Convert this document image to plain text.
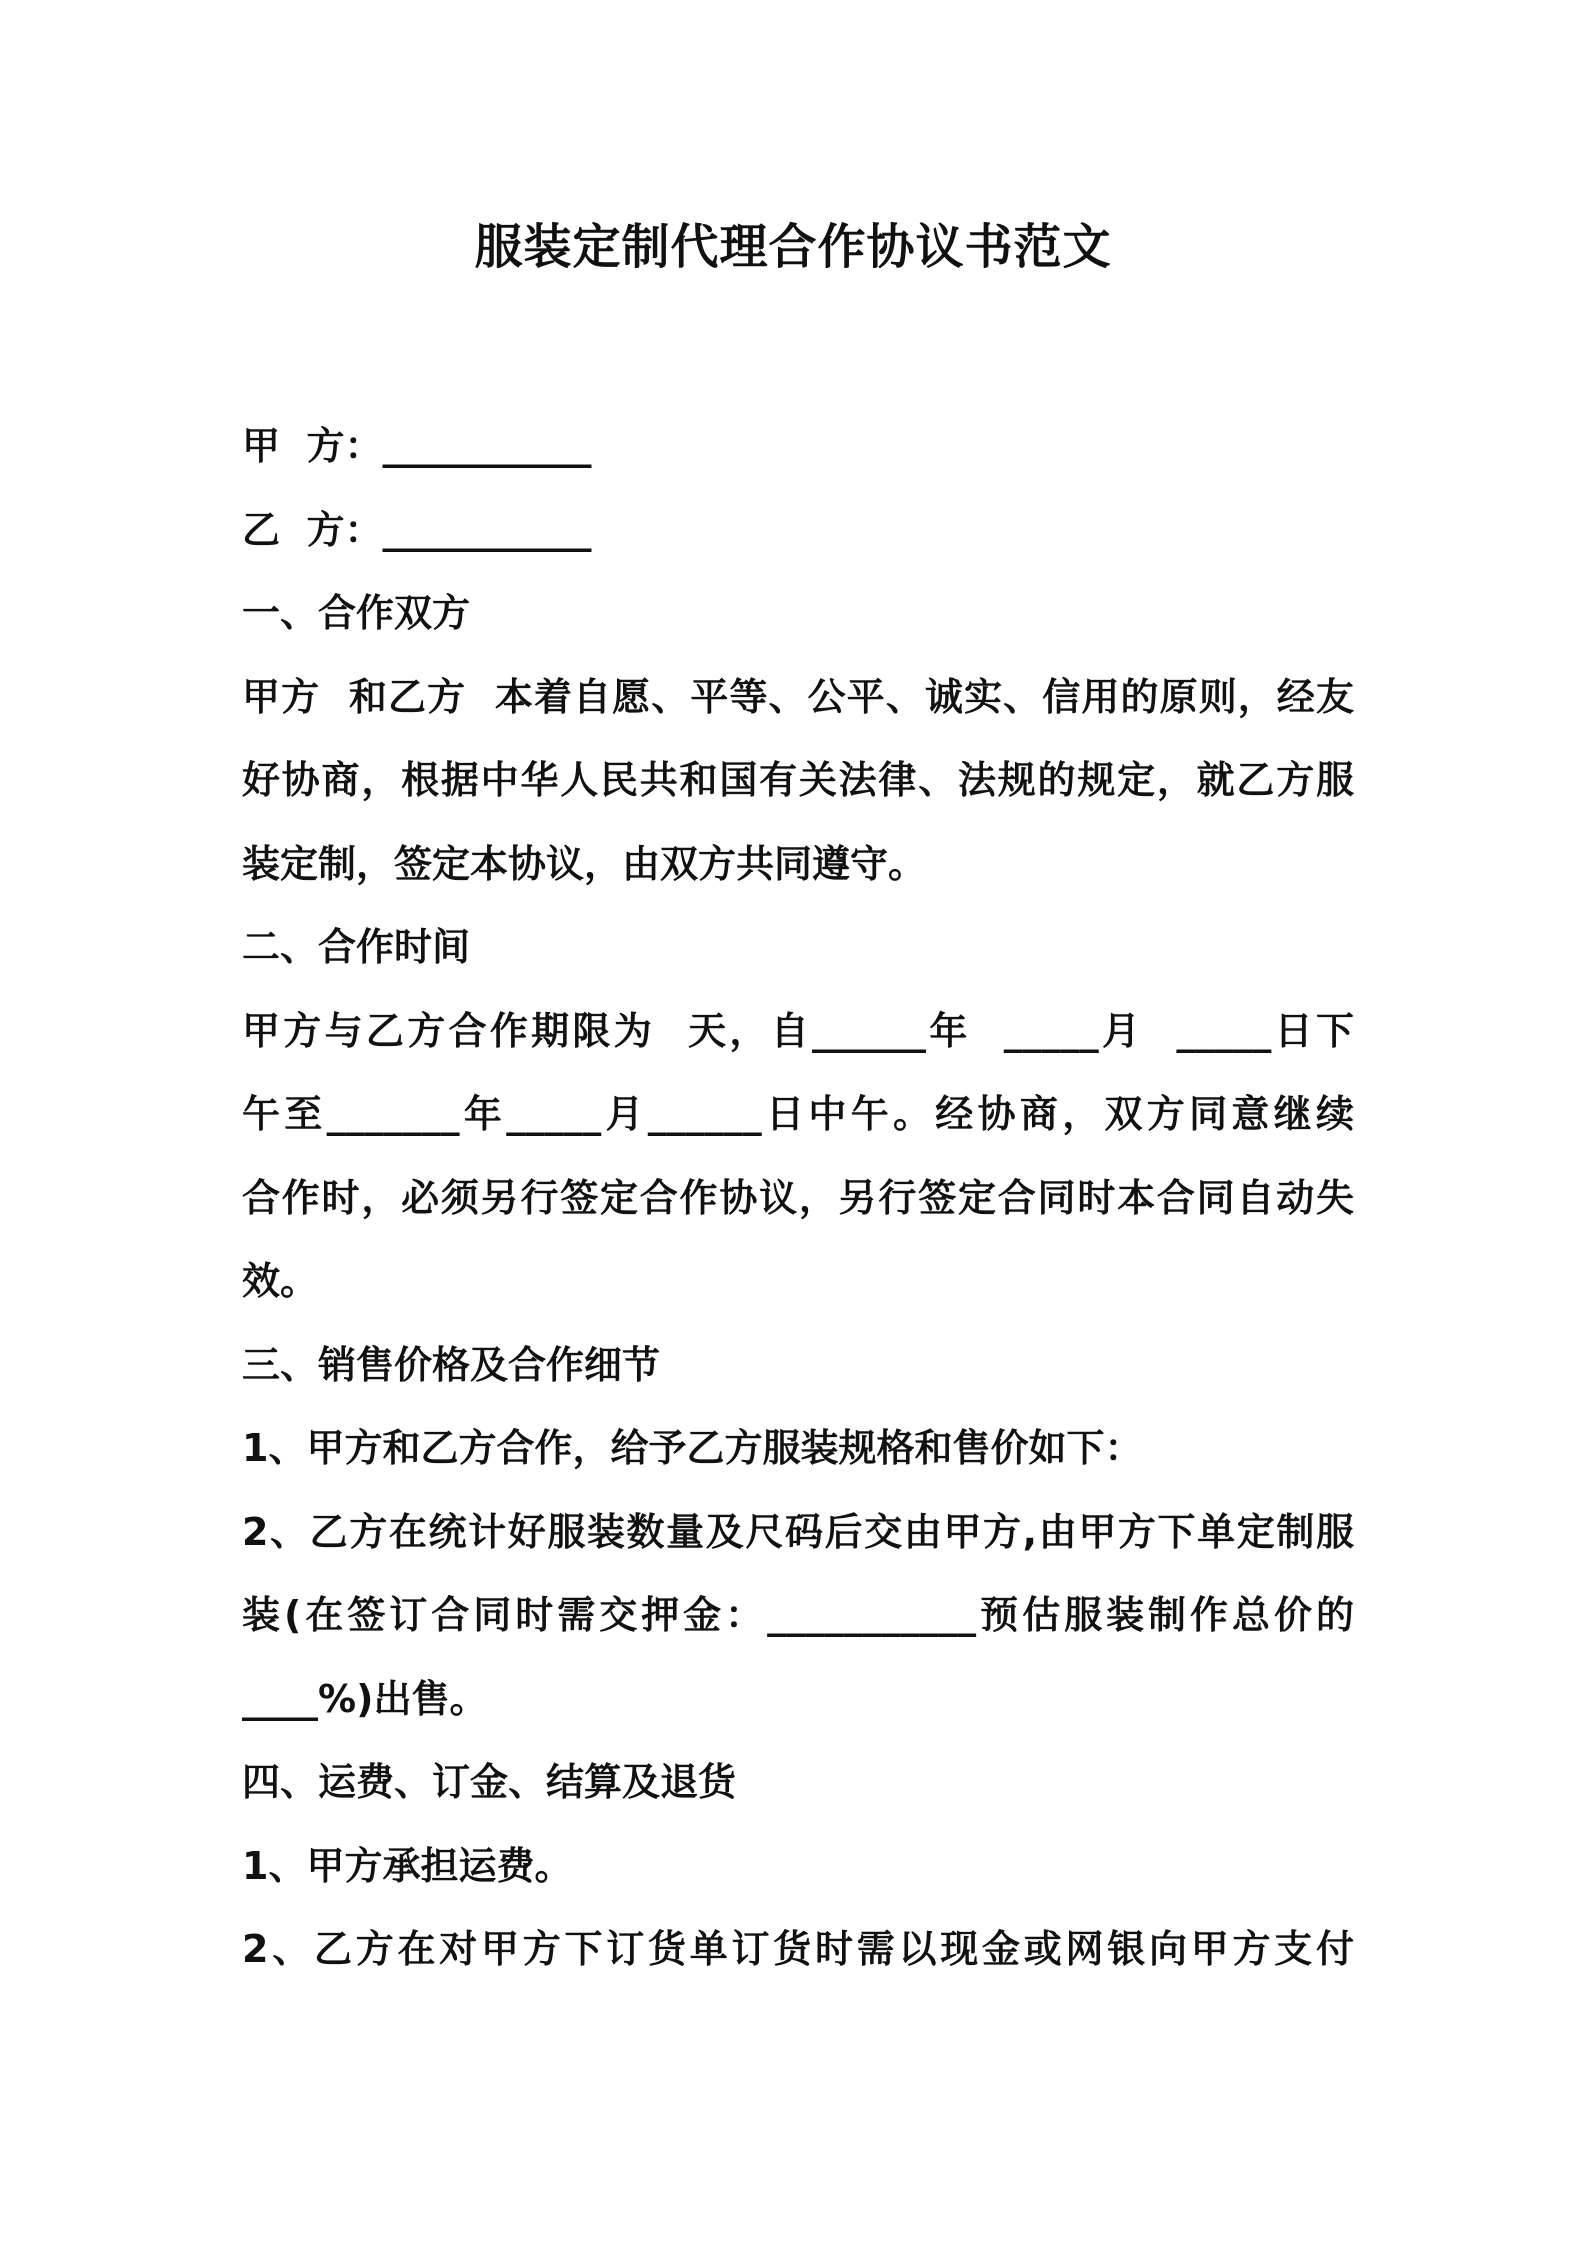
服装定制代理合作协议书范文

甲  方：___________

乙  方：___________

一、合作双方

甲方  和乙方  本着自愿、平等、公平、诚实、信用的原则，经友

好协商，根据中华人民共和国有关法律、法规的规定，就乙方服

装定制，签定本协议，由双方共同遵守。

二、合作时间

甲方与乙方合作期限为  天，自______年  _____月  _____日下

午至_______年_____月______日中午。经协商，双方同意继续

合作时，必须另行签定合作协议，另行签定合同时本合同自动失

效。

三、销售价格及合作细节

1、甲方和乙方合作，给予乙方服装规格和售价如下：

2、乙方在统计好服装数量及尺码后交由甲方,由甲方下单定制服

装(在签订合同时需交押金：___________预估服装制作总价的

____%)出售。

四、运费、订金、结算及退货

1、甲方承担运费。

2、乙方在对甲方下订货单订货时需以现金或网银向甲方支付
